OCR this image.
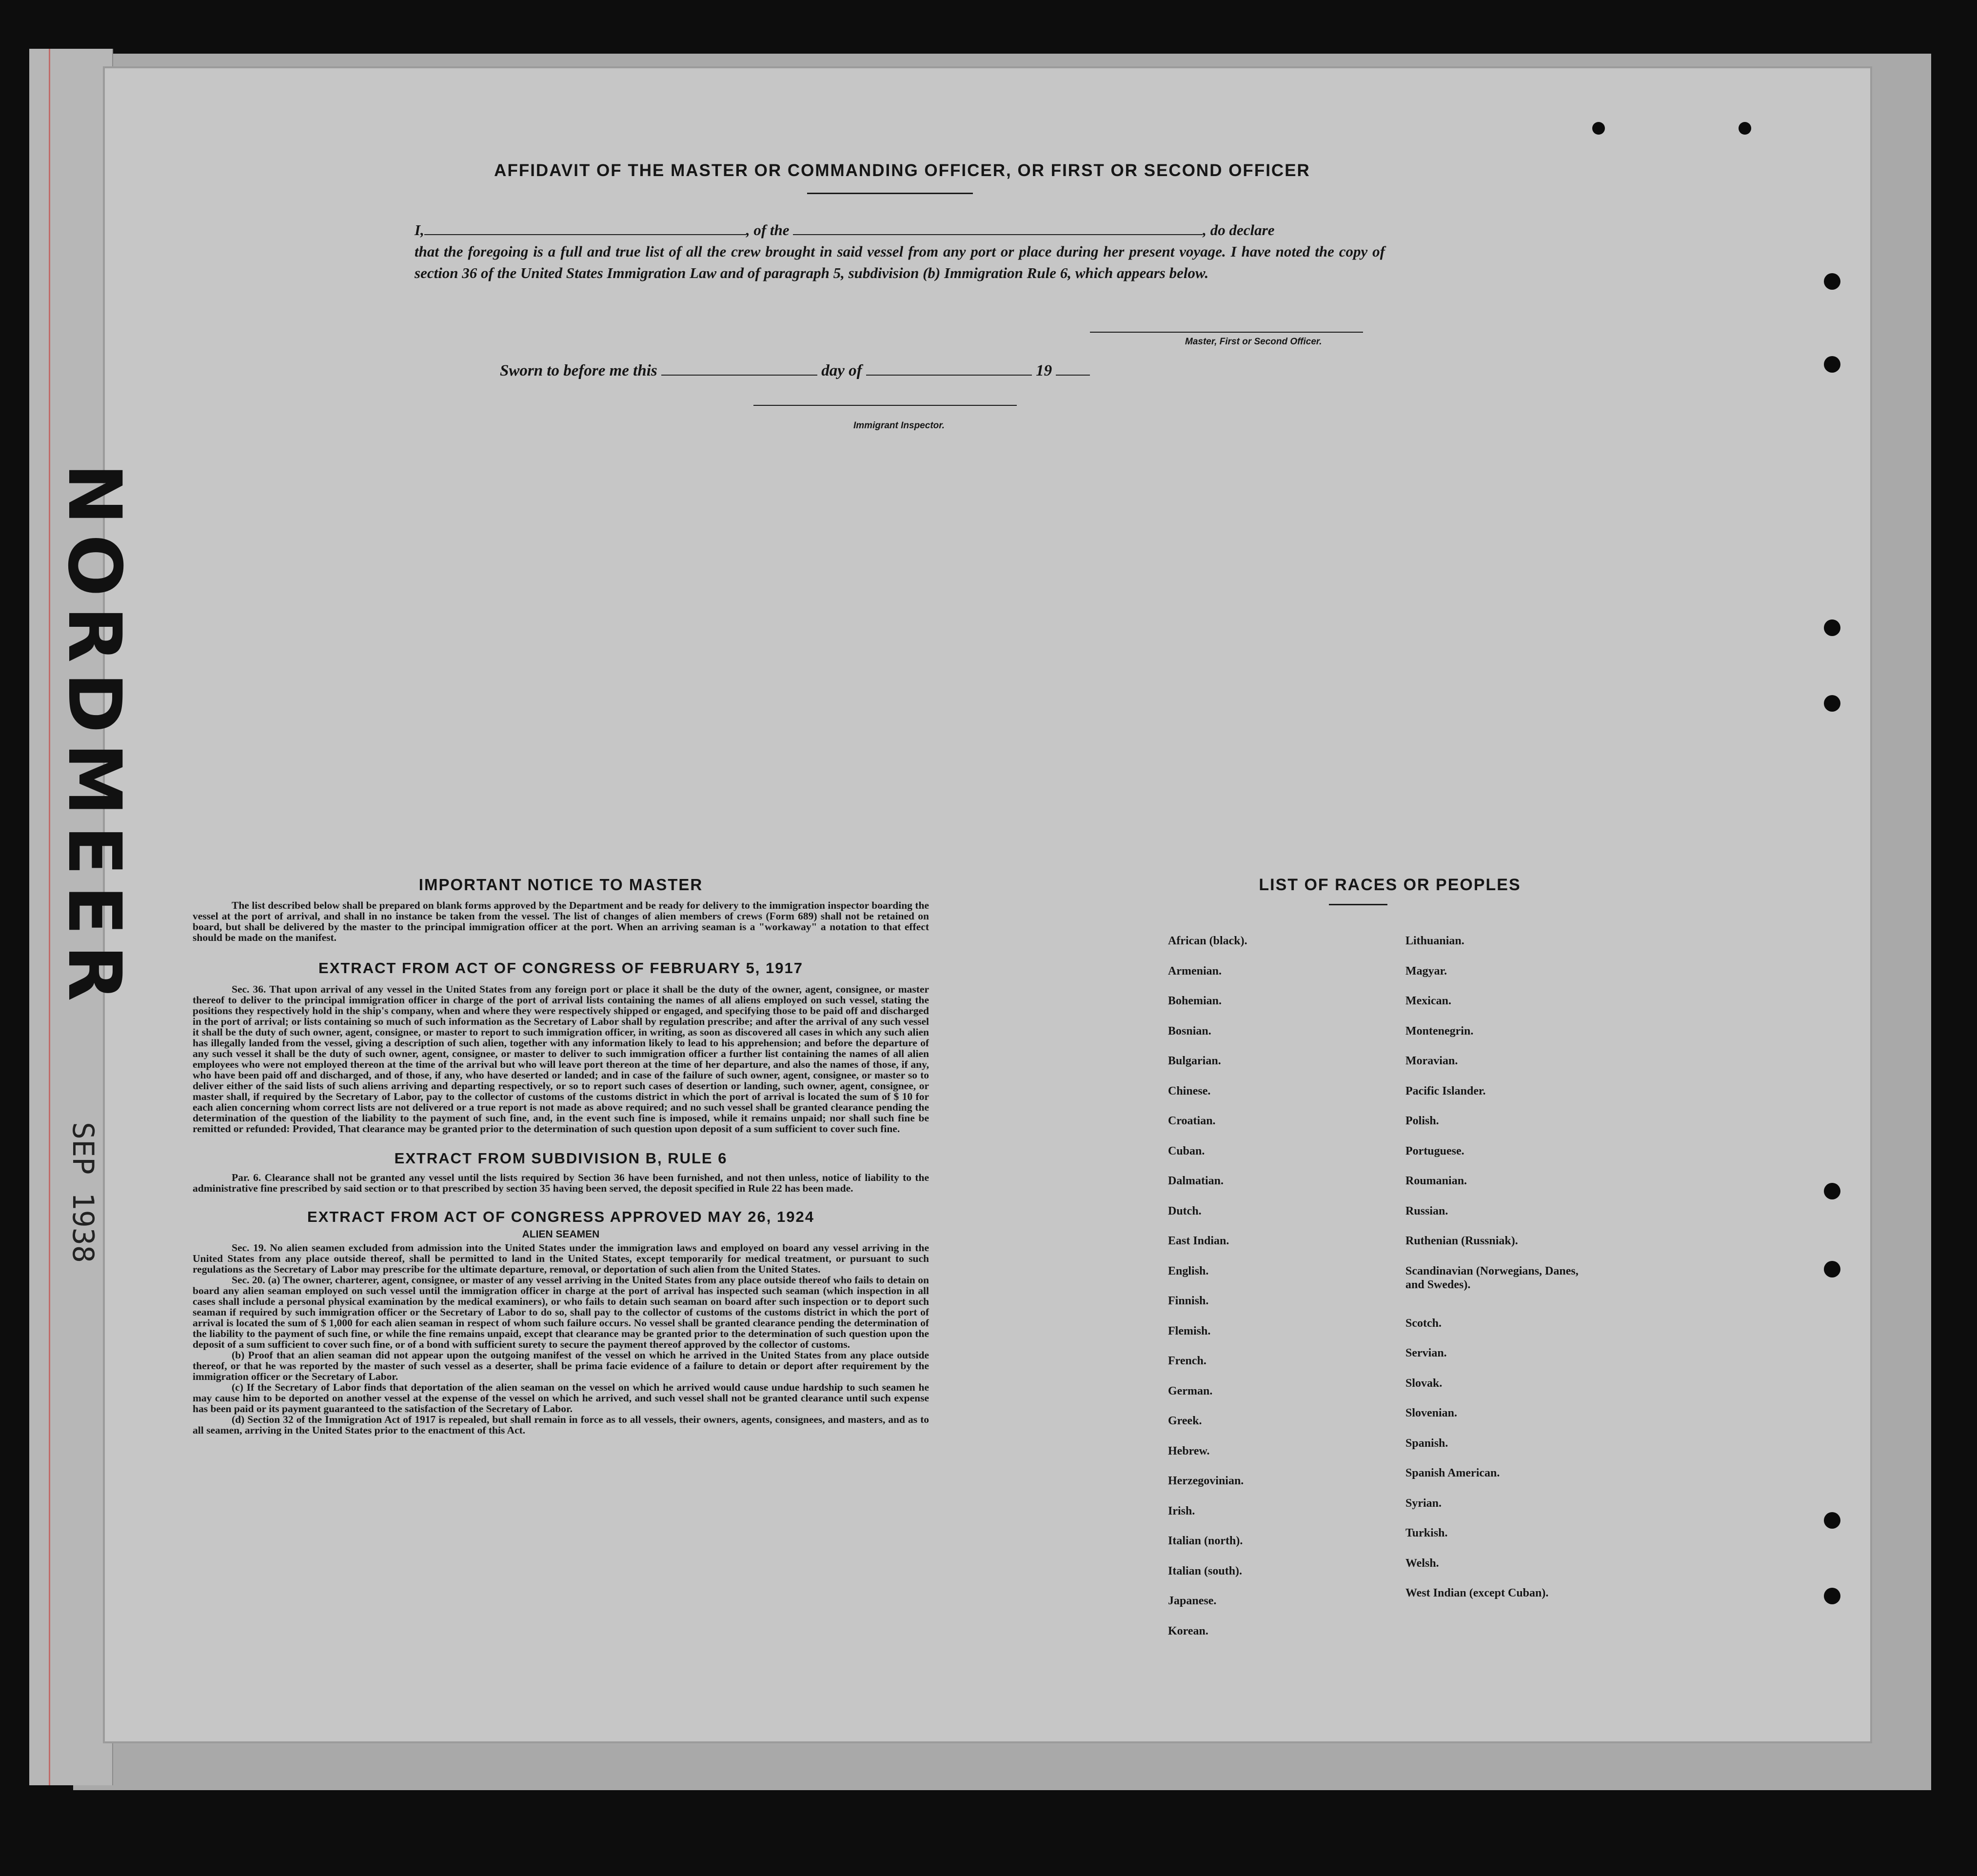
AFFIDAVIT OF THE MASTER OR COMMANDING OFFICER, OR FIRST OR SECOND OFFICER
I,	, of the	, do declare
that the foregoing is a full and true list of all the crew brought in said vessel from any port or place during her present voyage. I have noted the copy of section 36 of the United States Immigration Law and of paragraph 5, subdivision (b) Immigration Rule 6, which appears below.
Master, First or Second Officer.
Sworn to before me this	day of	19
Immigrant Inspector.
IMPORTANT NOTICE TO MASTER

The list described below shall be prepared on blank forms approved by the Department and be ready for delivery to the immigration inspector boarding the vessel at the port of arrival, and shall in no instance be taken from the vessel. The list of changes of alien members of crews (Form 689) shall not be retained on board, but shall be delivered by the master to the principal immigration officer at the port. When an arriving seaman is a "workaway" a notation to that effect should be made on the manifest.

EXTRACT FROM ACT OF CONGRESS OF FEBRUARY 5, 1917

Sec. 36. That upon arrival of any vessel in the United States from any foreign port or place it shall be the duty of the owner, agent, consignee, or master thereof to deliver to the principal immigration officer in charge of the port of arrival lists containing the names of all aliens employed on such vessel, stating the positions they respectively hold in the ship's company, when and where they were respectively shipped or engaged, and specifying those to be paid off and discharged in the port of arrival; or lists containing so much of such information as the Secretary of Labor shall by regulation prescribe; and after the arrival of any such vessel it shall be the duty of such owner, agent, consignee, or master to report to such immigration officer, in writing, as soon as discovered all cases in which any such alien has illegally landed from the vessel, giving a description of such alien, together with any information likely to lead to his apprehension; and before the departure of any such vessel it shall be the duty of such owner, agent, consignee, or master to deliver to such immigration officer a further list containing the names of all alien employees who were not employed thereon at the time of the arrival but who will leave port thereon at the time of her departure, and also the names of those, if any, who have been paid off and discharged, and of those, if any, who have deserted or landed; and in case of the failure of such owner, agent, consignee, or master so to deliver either of the said lists of such aliens arriving and departing respectively, or so to report such cases of desertion or landing, such owner, agent, consignee, or master shall, if required by the Secretary of Labor, pay to the collector of customs of the customs district in which the port of arrival is located the sum of $ 10 for each alien concerning whom correct lists are not delivered or a true report is not made as above required; and no such vessel shall be granted clearance pending the determination of the question of the liability to the payment of such fine, and, in the event such fine is imposed, while it remains unpaid; nor shall such fine be remitted or refunded: Provided, That clearance may be granted prior to the determination of such question upon deposit of a sum sufficient to cover such fine.

EXTRACT FROM SUBDIVISION B, RULE 6

Par. 6. Clearance shall not be granted any vessel until the lists required by Section 36 have been furnished, and not then unless, notice of liability to the administrative fine prescribed by said section or to that prescribed by section 35 having been served, the deposit specified in Rule 22 has been made.

EXTRACT FROM ACT OF CONGRESS APPROVED MAY 26, 1924
ALIEN SEAMEN

Sec. 19. No alien seamen excluded from admission into the United States under the immigration laws and employed on board any vessel arriving in the United States from any place outside thereof, shall be permitted to land in the United States, except temporarily for medical treatment, or pursuant to such regulations as the Secretary of Labor may prescribe for the ultimate departure, removal, or deportation of such alien from the United States.

Sec. 20. (a) The owner, charterer, agent, consignee, or master of any vessel arriving in the United States from any place outside thereof who fails to detain on board any alien seaman employed on such vessel until the immigration officer in charge at the port of arrival has inspected such seaman (which inspection in all cases shall include a personal physical examination by the medical examiners), or who fails to detain such seaman on board after such inspection or to deport such seaman if required by such immigration officer or the Secretary of Labor to do so, shall pay to the collector of customs of the customs district in which the port of arrival is located the sum of $ 1,000 for each alien seaman in respect of whom such failure occurs. No vessel shall be granted clearance pending the determination of the liability to the payment of such fine, or while the fine remains unpaid, except that clearance may be granted prior to the determination of such question upon the deposit of a sum sufficient to cover such fine, or of a bond with sufficient surety to secure the payment thereof approved by the collector of customs.

(b) Proof that an alien seaman did not appear upon the outgoing manifest of the vessel on which he arrived in the United States from any place outside thereof, or that he was reported by the master of such vessel as a deserter, shall be prima facie evidence of a failure to detain or deport after requirement by the immigration officer or the Secretary of Labor.

(c) If the Secretary of Labor finds that deportation of the alien seaman on the vessel on which he arrived would cause undue hardship to such seamen he may cause him to be deported on another vessel at the expense of the vessel on which he arrived, and such vessel shall not be granted clearance until such expense has been paid or its payment guaranteed to the satisfaction of the Secretary of Labor.

(d) Section 32 of the Immigration Act of 1917 is repealed, but shall remain in force as to all vessels, their owners, agents, consignees, and masters, and as to all seamen, arriving in the United States prior to the enactment of this Act.

LIST OF RACES OR PEOPLES
African (black).
Armenian.
Bohemian.
Bosnian.
Bulgarian.
Chinese.
Croatian.
Cuban.
Dalmatian.
Dutch.
East Indian.
English.
Finnish.
Flemish.
French.
German.
Greek.
Hebrew.
Herzegovinian.
Irish.
Italian (north).
Italian (south).
Japanese.
Korean.
Lithuanian.
Magyar.
Mexican.
Montenegrin.
Moravian.
Pacific Islander.
Polish.
Portuguese.
Roumanian.
Russian.
Ruthenian (Russniak).
Scandinavian (Norwegians, Danes, and Swedes).
Scotch.
Servian.
Slovak.
Slovenian.
Spanish.
Spanish American.
Syrian.
Turkish.
Welsh.
West Indian (except Cuban).
NORDMEER
SEP 1938
